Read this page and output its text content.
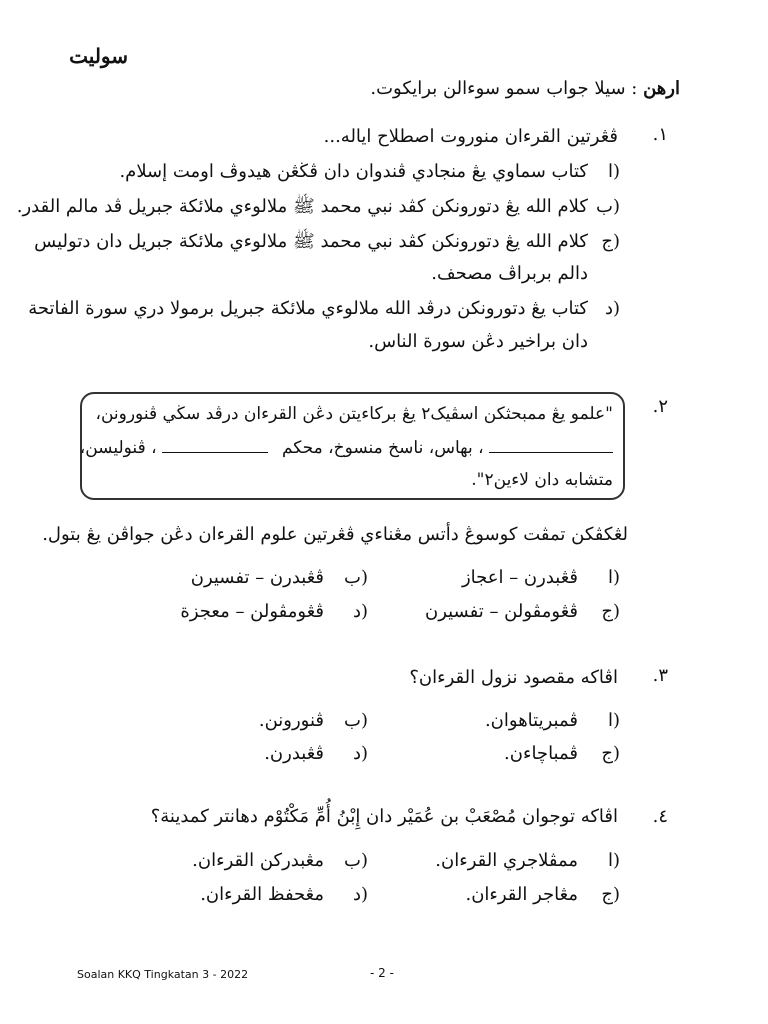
سوليت
ارهن : سيلا جواب سمو سوءالن برايكوت.
١.
ڤڠرتين القرءان منوروت اصطلاح اياله...
ا)
كتاب سماوي يڠ منجادي ڤندوان دان ڤڬڠن هيدوڤ اومت إسلام.
ب)
كلام الله يڠ دتورونكن كڤد نبي محمد ﷺ ملالوءي ملائكة جبريل ڤد مالم القدر.
ج)
كلام الله يڠ دتورونكن كڤد نبي محمد ﷺ ملالوءي ملائكة جبريل دان دتوليس
دالم بربراڤ مصحف.
د)
كتاب يڠ دتورونكن درڤد الله ملالوءي ملائكة جبريل برمولا دري سورة الفاتحة
دان براخير دڠن سورة الناس.
٢.
"علمو يڠ ممبحثكن اسڤيک٢ يڠ بركاءيتن دڠن القرءان درڤد سڬي ڤنورونن،
، بهاس، ناسخ منسوخ، محكم
، ڤنوليسن،
متشابه دان لاءين٢".
لڠكڤكن تمڤت كوسوڠ دأتس مڠناءي ڤڠرتين علوم القرءان دڠن جواڤن يڠ بتول.
ا)
ڤڠبدرن – اعجاز
ب)
ڤڠبدرن – تفسيرن
ج)
ڤڠومڤولن – تفسيرن
د)
ڤڠومڤولن – معجزة
٣.
اڤاكه مقصود نزول القرءان؟
ا)
ڤمبريتاهوان.
ب)
ڤنورونن.
ج)
ڤمباچاءن.
د)
ڤڠبدرن.
٤.
اڤاكه توجوان مُصْعَبْ بن عُمَيْر دان إِبْنُ أُمِّ مَكْتُوْم دهانتر كمدينة؟
ا)
ممڤلاجري القرءان.
ب)
مڠبدركن القرءان.
ج)
مڠاجر القرءان.
د)
مڠحفظ القرءان.
Soalan KKQ Tingkatan 3 - 2022	- 2 -
